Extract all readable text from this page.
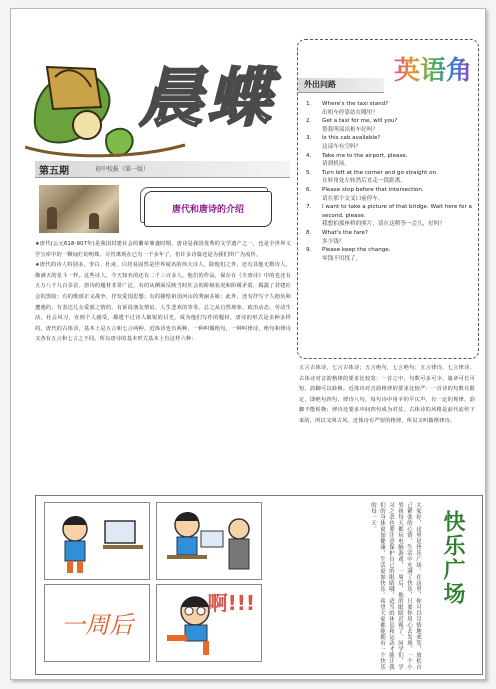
晨蝶
第五期	初中校报（第一版）
唐代和唐诗的介绍

★唐代(公元618-907年)是我国封建社会的繁荣鼎盛时期，唐诗是我国优秀的文学遗产之一，也是全世界文学宝库中的一颗灿烂的明珠。尽管离现在已有一千多年了，但许多诗篇还是为我们所广为流传。

★唐代的诗人特别多，李白、杜甫、白居易固然是世界闻名的伟大诗人，除他们之外，还有其他无数诗人，像满天的星斗一样。这些诗人，今天知名的还有二千三百多人。他们的作品，保存在《全唐诗》中的也还有五万八千九百多首。唐诗的题材非常广泛，有的从侧面反映当时社会的阶级状况和阶级矛盾，揭露了封建社会的黑暗；有的歌颂正义战争，抒发爱国思想；有的描绘祖国河山的秀丽多娇；此外，还有抒写个人抱负和遭遇的，有表达儿女爱慕之情的，有诉说朋友情谊、人生悲欢的等等。总之从自然现象、政治动态、劳动生活、社会风习，直到个人感受，都逃不过诗人敏锐的目光，成为他们写作的题材。唐诗的形式是多种多样的。唐代的古体诗，基本上是五言和七言两种。近体诗也有两种，一种叫做绝句，一种叫律诗。绝句和律诗又各有五言和七言之不同。所以唐诗的基本形式基本上有这样六种：

五言古体诗，七言古体诗；五言绝句，七言绝句；五言律诗，七言律诗。古体诗对音韵格律的要求比较宽：一首之中，句数可多可少，篇章可长可短，韵脚可以转换。近体诗对音韵格律的要求比较严：一首诗的句数有限定，即绝句四句，律诗八句，每句诗中用字的平仄声，有一定的规律，韵脚不能转换；律诗还要求中间四句成为对仗。古体诗的风格是前代流传下来的，所以又叫古风。近体诗有严密的格律，所以又叫做格律诗。

英语角
外出问路
1.	Where's the taxi stand?
出租车停靠站在哪里？
2.	Get a taxi for me, will you?
帮我叫部出租车好吗？
3.	Is this cab available?
这部车有空吗？
4.	Take me to the airport, please.
请到机场。
5.	Turn left at the corner and go straight on.
在转角处左转然后直走一段距离。
6.	Please stop before that intersection.
请在那个交叉口前停车。
7.	I want to take a picture of that bridge. Wait here for a second, please.
我想拍那座桥的照片，请在这稍等一会儿，好吗？
8.	What's the fare?
多少钱？
9.	Please keep the change.
零钱不用找了。
一周后
啊!!!	大家好，这里是快乐广场。在这里，你可以尽情地欢笑，放松自己紧张的心情。生活中充满了快乐，只要你用心去发现。一个小男孩每天都玩电脑游戏，一周后，他的眼睛近视了。同学们，学习之余也要注意保护自己的眼睛哦，适当的休息和运动才能让我们的身体更加健康，生活更加快乐。希望大家都能拥有一个快乐的每一天。	快乐广场
